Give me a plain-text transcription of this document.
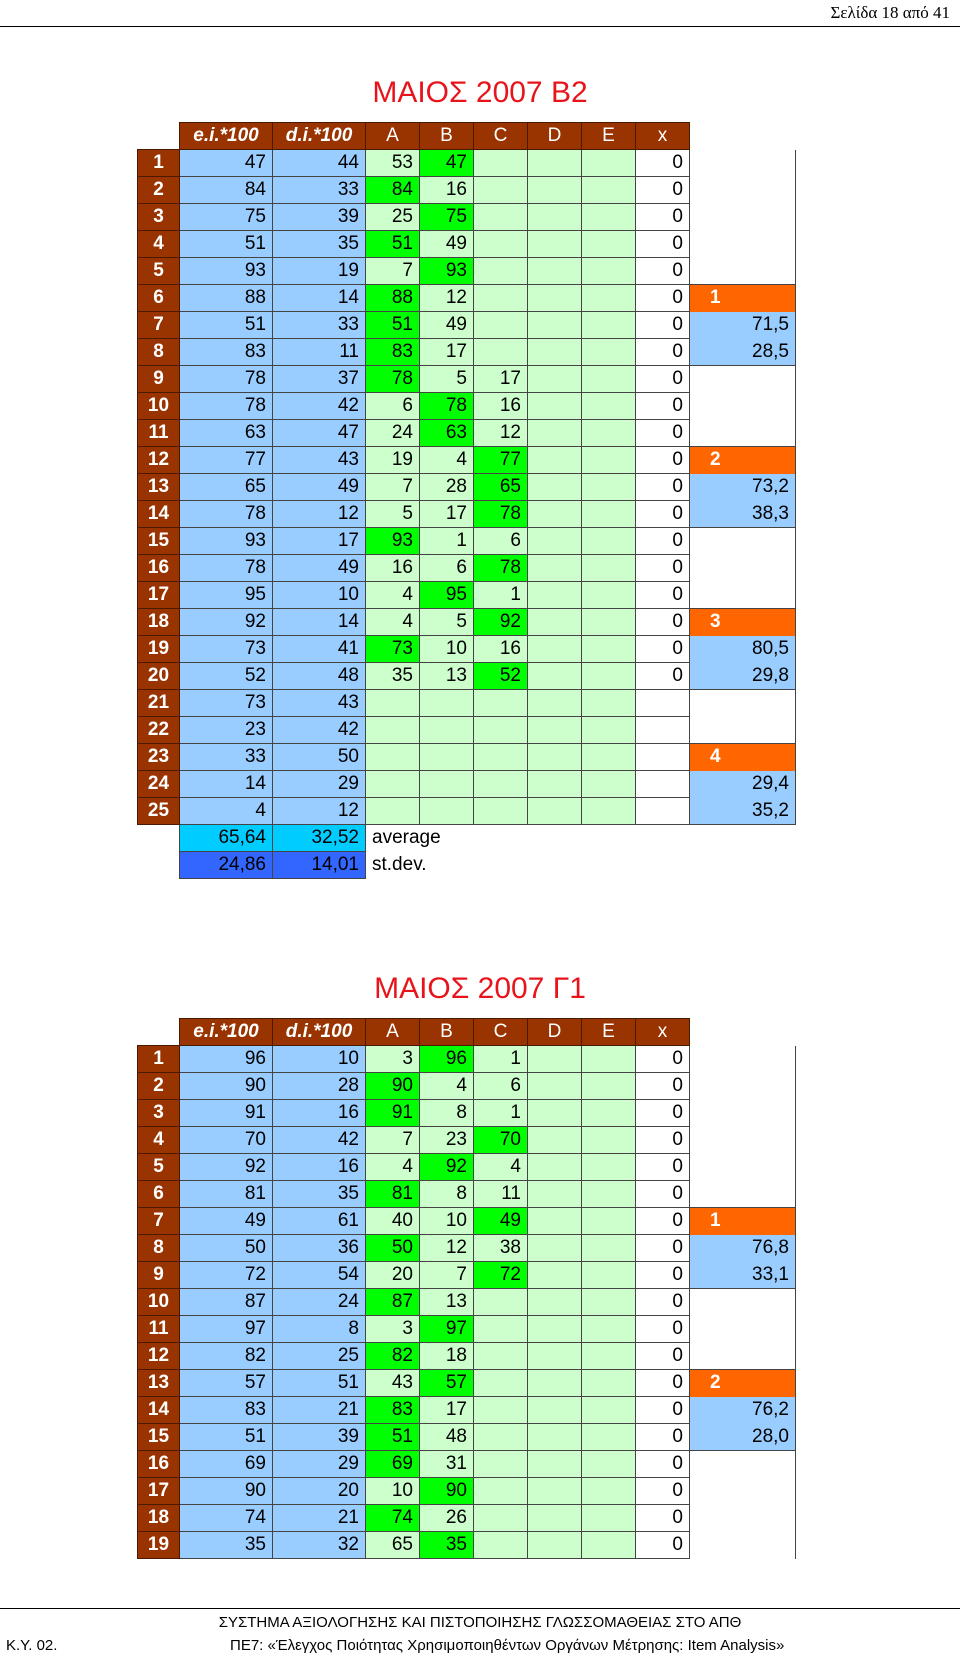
Σελίδα 18 από 41
ΜΑΙΟΣ 2007 Β2
	e.i.*100	d.i.*100	A	B	C	D	E	x	
1	47	44	53	47				0	
2	84	33	84	16				0	
3	75	39	25	75				0	
4	51	35	51	49				0	
5	93	19	7	93				0	
6	88	14	88	12				0	1
7	51	33	51	49				0	71,5
8	83	11	83	17				0	28,5
9	78	37	78	5	17			0	
10	78	42	6	78	16			0	
11	63	47	24	63	12			0	
12	77	43	19	4	77			0	2
13	65	49	7	28	65			0	73,2
14	78	12	5	17	78			0	38,3
15	93	17	93	1	6			0	
16	78	49	16	6	78			0	
17	95	10	4	95	1			0	
18	92	14	4	5	92			0	3
19	73	41	73	10	16			0	80,5
20	52	48	35	13	52			0	29,8
21	73	43							
22	23	42							
23	33	50							4
24	14	29							29,4
25	4	12							35,2
	65,64	32,52	average						
	24,86	14,01	st.dev.						
ΜΑΙΟΣ 2007 Γ1
	e.i.*100	d.i.*100	A	B	C	D	E	x	
1	96	10	3	96	1			0	
2	90	28	90	4	6			0	
3	91	16	91	8	1			0	
4	70	42	7	23	70			0	
5	92	16	4	92	4			0	
6	81	35	81	8	11			0	
7	49	61	40	10	49			0	1
8	50	36	50	12	38			0	76,8
9	72	54	20	7	72			0	33,1
10	87	24	87	13				0	
11	97	8	3	97				0	
12	82	25	82	18				0	
13	57	51	43	57				0	2
14	83	21	83	17				0	76,2
15	51	39	51	48				0	28,0
16	69	29	69	31				0	
17	90	20	10	90				0	
18	74	21	74	26				0	
19	35	32	65	35				0	
ΣΥΣΤΗΜΑ ΑΞΙΟΛΟΓΗΣΗΣ ΚΑΙ ΠΙΣΤΟΠΟΙΗΣΗΣ ΓΛΩΣΣΟΜΑΘΕΙΑΣ ΣΤΟ ΑΠΘ
Κ.Υ. 02.	ΠΕ7: «Έλεγχος Ποιότητας Χρησιμοποιηθέντων Οργάνων Μέτρησης: Item Analysis»
